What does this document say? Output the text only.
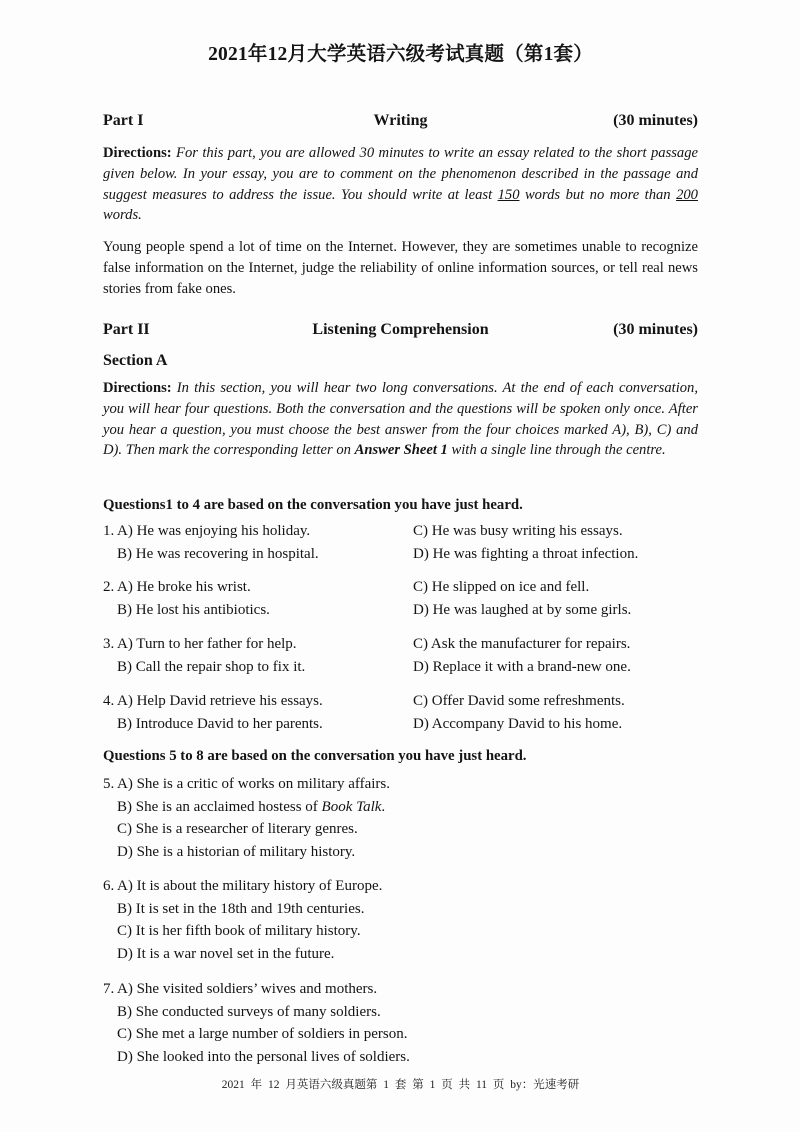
2021年12月大学英语六级考试真题（第1套）
Part I	Writing	(30 minutes)
Directions: For this part, you are allowed 30 minutes to write an essay related to the short passage given below. In your essay, you are to comment on the phenomenon described in the passage and suggest measures to address the issue. You should write at least 150 words but no more than 200 words.
Young people spend a lot of time on the Internet. However, they are sometimes unable to recognize false information on the Internet, judge the reliability of online information sources, or tell real news stories from fake ones.
Part II	Listening Comprehension	(30 minutes)
Section A
Directions: In this section, you will hear two long conversations. At the end of each conversation, you will hear four questions. Both the conversation and the questions will be spoken only once. After you hear a question, you must choose the best answer from the four choices marked A), B), C) and D). Then mark the corresponding letter on Answer Sheet 1 with a single line through the centre.
Questions1 to 4 are based on the conversation you have just heard.
1. A) He was enjoying his holiday.	C) He was busy writing his essays.
B) He was recovering in hospital.	D) He was fighting a throat infection.
2. A) He broke his wrist.	C) He slipped on ice and fell.
B) He lost his antibiotics.	D) He was laughed at by some girls.
3. A) Turn to her father for help.	C) Ask the manufacturer for repairs.
B) Call the repair shop to fix it.	D) Replace it with a brand-new one.
4. A) Help David retrieve his essays.	C) Offer David some refreshments.
B) Introduce David to her parents.	D) Accompany David to his home.
Questions 5 to 8 are based on the conversation you have just heard.
5. A) She is a critic of works on military affairs.
B) She is an acclaimed hostess of Book Talk.
C) She is a researcher of literary genres.
D) She is a historian of military history.
6. A) It is about the military history of Europe.
B) It is set in the 18th and 19th centuries.
C) It is her fifth book of military history.
D) It is a war novel set in the future.
7. A) She visited soldiers’ wives and mothers.
B) She conducted surveys of many soldiers.
C) She met a large number of soldiers in person.
D) She looked into the personal lives of soldiers.
2021 年 12 月英语六级真题第 1 套 第 1 页 共 11 页 by：光速考研
